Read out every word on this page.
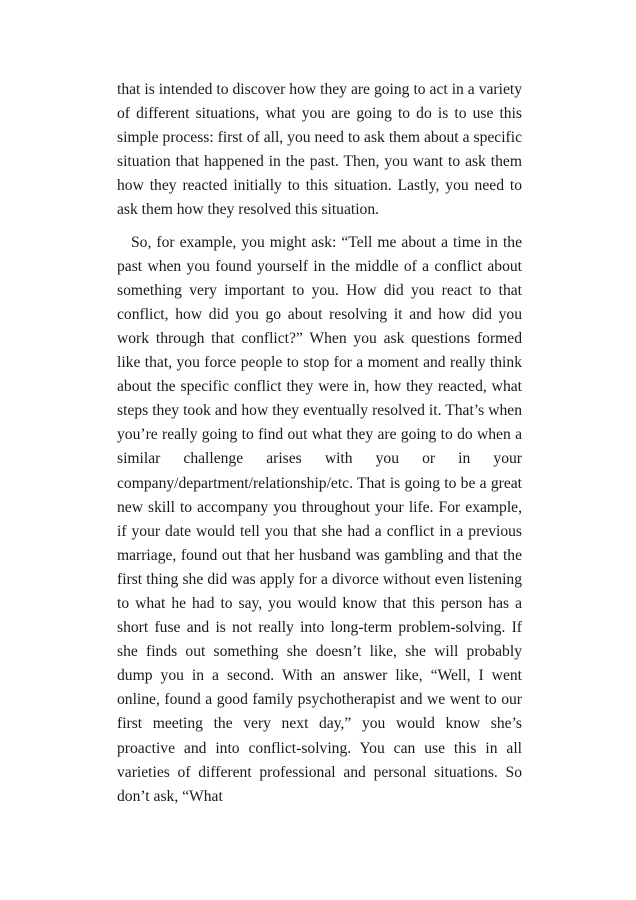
that is intended to discover how they are going to act in a variety of different situations, what you are going to do is to use this simple process: first of all, you need to ask them about a specific situation that happened in the past. Then, you want to ask them how they reacted initially to this situation. Lastly, you need to ask them how they resolved this situation.

So, for example, you might ask: “Tell me about a time in the past when you found yourself in the middle of a conflict about something very important to you. How did you react to that conflict, how did you go about resolving it and how did you work through that conflict?” When you ask questions formed like that, you force people to stop for a moment and really think about the specific conflict they were in, how they reacted, what steps they took and how they eventually resolved it. That’s when you’re really going to find out what they are going to do when a similar challenge arises with you or in your company/department/relationship/etc. That is going to be a great new skill to accompany you throughout your life. For example, if your date would tell you that she had a conflict in a previous marriage, found out that her husband was gambling and that the first thing she did was apply for a divorce without even listening to what he had to say, you would know that this person has a short fuse and is not really into long-term problem-solving. If she finds out something she doesn’t like, she will probably dump you in a second. With an answer like, “Well, I went online, found a good family psychotherapist and we went to our first meeting the very next day,” you would know she’s proactive and into conflict-solving. You can use this in all varieties of different professional and personal situations. So don’t ask, “What
